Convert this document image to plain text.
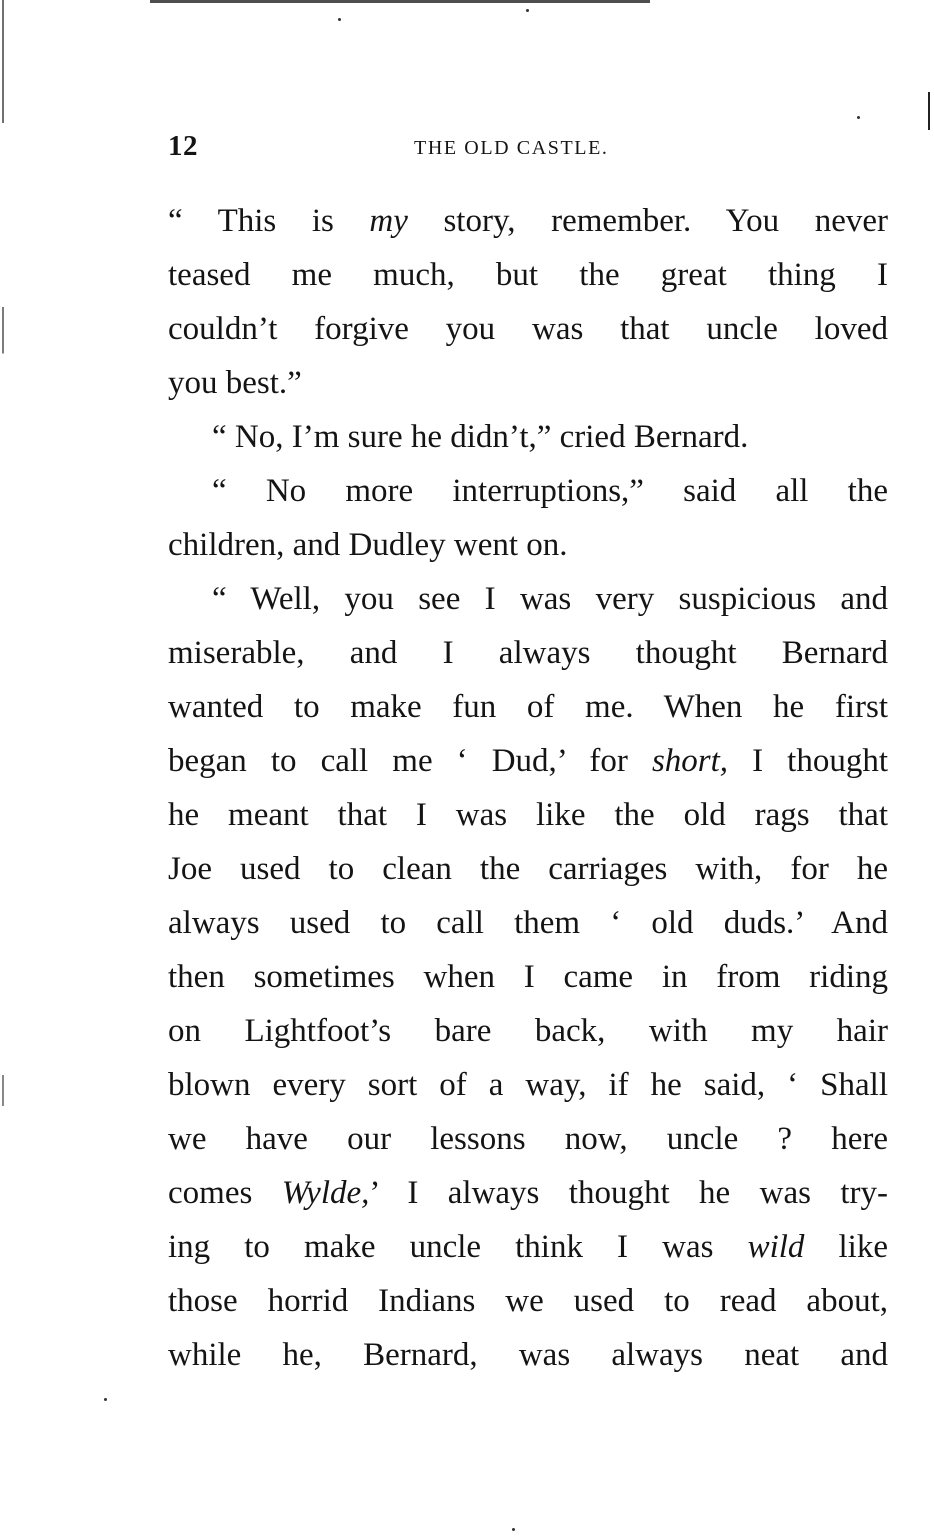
12	THE OLD CASTLE.
“ This is my story, remember. You never
teased me much, but the great thing I
couldn’t forgive you was that uncle loved
you best.”
“ No, I’m sure he didn’t,” cried Bernard.
“ No more interruptions,” said all the
children, and Dudley went on.
“ Well, you see I was very suspicious and
miserable, and I always thought Bernard
wanted to make fun of me. When he first
began to call me ‘ Dud,’ for short, I thought
he meant that I was like the old rags that
Joe used to clean the carriages with, for he
always used to call them ‘ old duds.’ And
then sometimes when I came in from riding
on Lightfoot’s bare back, with my hair
blown every sort of a way, if he said, ‘ Shall
we have our lessons now, uncle ? here
comes Wylde,’ I always thought he was try-
ing to make uncle think I was wild like
those horrid Indians we used to read about,
while he, Bernard, was always neat and
